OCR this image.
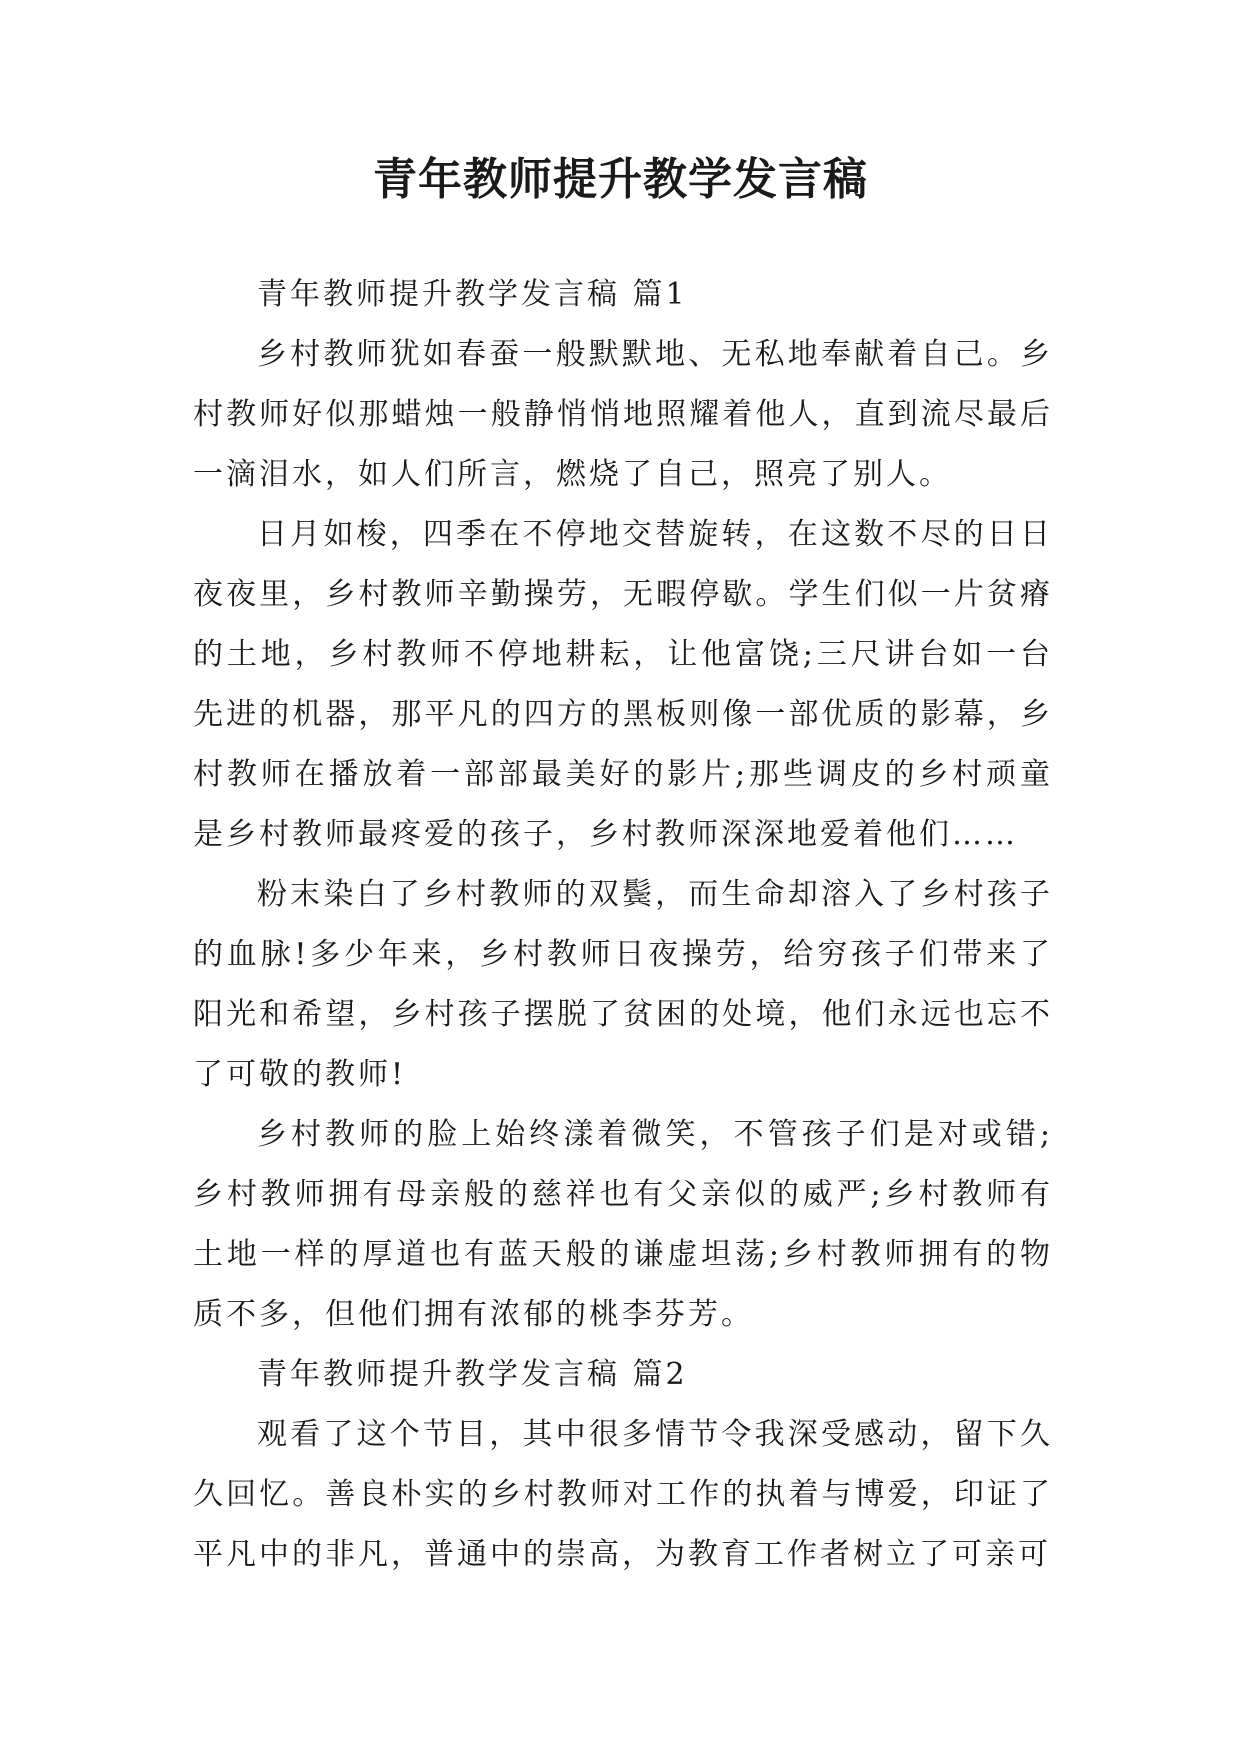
青年教师提升教学发言稿

青年教师提升教学发言稿 篇1

乡村教师犹如春蚕一般默默地、无私地奉献着自己。乡村教师好似那蜡烛一般静悄悄地照耀着他人，直到流尽最后一滴泪水，如人们所言，燃烧了自己，照亮了别人。

日月如梭，四季在不停地交替旋转，在这数不尽的日日夜夜里，乡村教师辛勤操劳，无暇停歇。学生们似一片贫瘠的土地，乡村教师不停地耕耘，让他富饶;三尺讲台如一台先进的机器，那平凡的四方的黑板则像一部优质的影幕，乡村教师在播放着一部部最美好的影片;那些调皮的乡村顽童是乡村教师最疼爱的孩子，乡村教师深深地爱着他们……

粉末染白了乡村教师的双鬓，而生命却溶入了乡村孩子的血脉!多少年来，乡村教师日夜操劳，给穷孩子们带来了阳光和希望，乡村孩子摆脱了贫困的处境，他们永远也忘不了可敬的教师!

乡村教师的脸上始终漾着微笑，不管孩子们是对或错;乡村教师拥有母亲般的慈祥也有父亲似的威严;乡村教师有土地一样的厚道也有蓝天般的谦虚坦荡;乡村教师拥有的物质不多，但他们拥有浓郁的桃李芬芳。

青年教师提升教学发言稿 篇2

观看了这个节目，其中很多情节令我深受感动，留下久久回忆。善良朴实的乡村教师对工作的执着与博爱，印证了平凡中的非凡，普通中的崇高，为教育工作者树立了可亲可
